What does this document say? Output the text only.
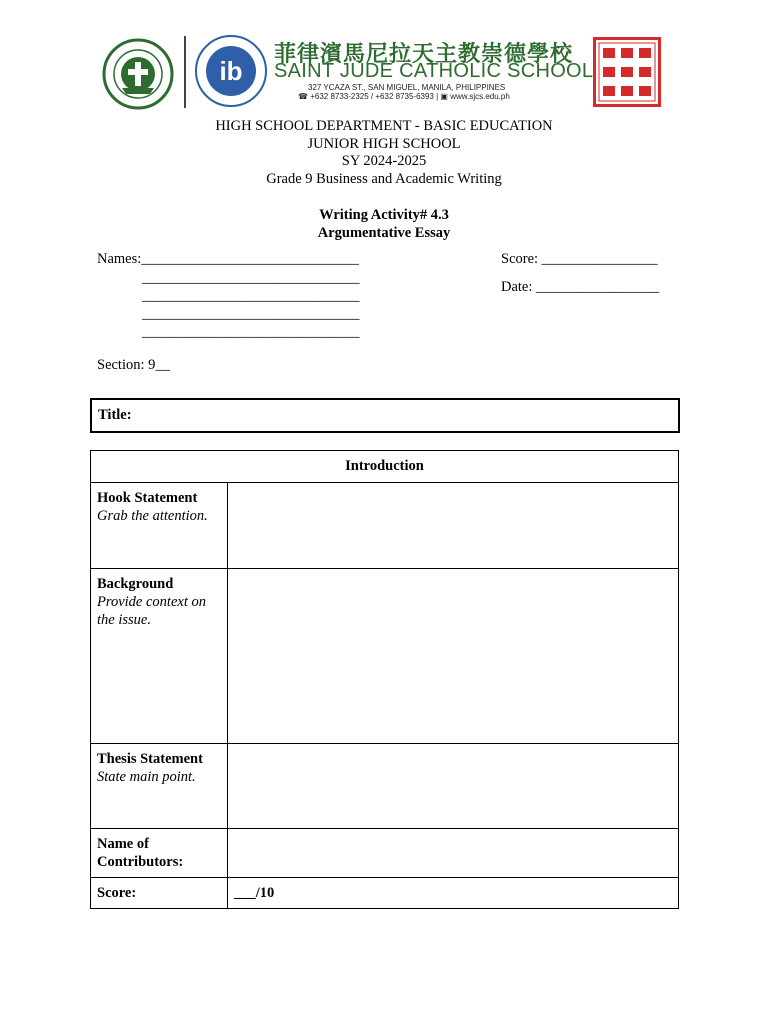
ib
菲律濱馬尼拉天主教崇德學校
SAINT JUDE CATHOLIC SCHOOL
327 YCAZA ST., SAN MIGUEL, MANILA, PHILIPPINES
☎ +632 8733-2325 / +632 8735-6393 | ▣ www.sjcs.edu.ph
HIGH SCHOOL DEPARTMENT - BASIC EDUCATION
JUNIOR HIGH SCHOOL
SY 2024-2025
Grade 9 Business and Academic Writing
Writing Activity# 4.3
Argumentative Essay
Names:______________________________
______________________________
______________________________
______________________________
______________________________
Score: ________________
Date: _________________
Section: 9__
Title:
Introduction	

Hook Statement
Grab the attention.	

Background
Provide context on the issue.	

Thesis Statement
State main point.	

Name of Contributors:	

Score:	___/10
